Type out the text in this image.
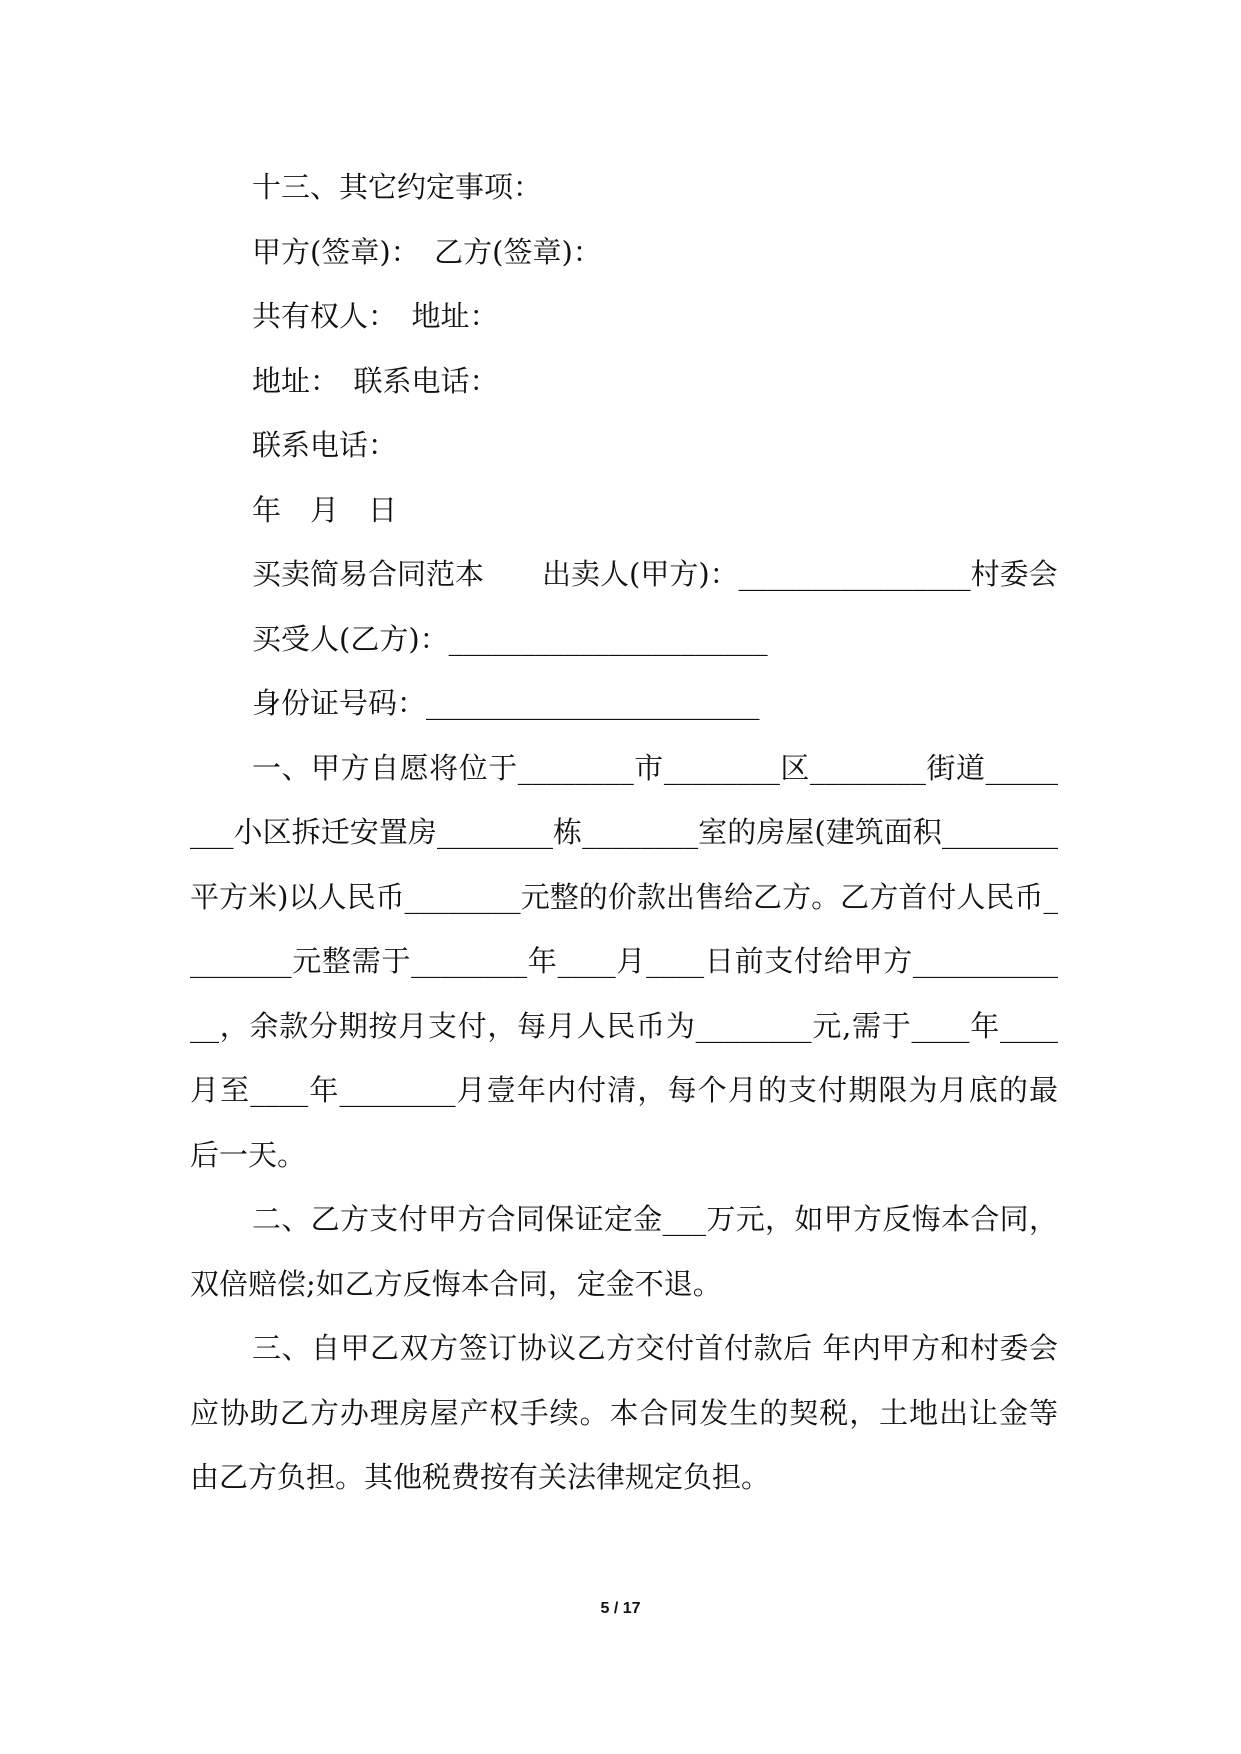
十三、其它约定事项：

甲方(签章)：　乙方(签章)：

共有权人：　地址：

地址：　联系电话：

联系电话：

年　月　日

买卖简易合同范本　　出卖人(甲方)：________________村委会

买受人(乙方)：______________________

身份证号码：_______________________

一、甲方自愿将位于________市________区________街道________小区拆迁安置房________栋________室的房屋(建筑面积________平方米)以人民币________元整的价款出售给乙方。乙方首付人民币________元整需于________年____月____日前支付给甲方____________，余款分期按月支付，每月人民币为________元,需于____年____月至____年________月壹年内付清，每个月的支付期限为月底的最后一天。

二、乙方支付甲方合同保证定金___万元，如甲方反悔本合同，双倍赔偿;如乙方反悔本合同，定金不退。

三、自甲乙双方签订协议乙方交付首付款后 年内甲方和村委会应协助乙方办理房屋产权手续。本合同发生的契税，土地出让金等由乙方负担。其他税费按有关法律规定负担。

5 / 17
